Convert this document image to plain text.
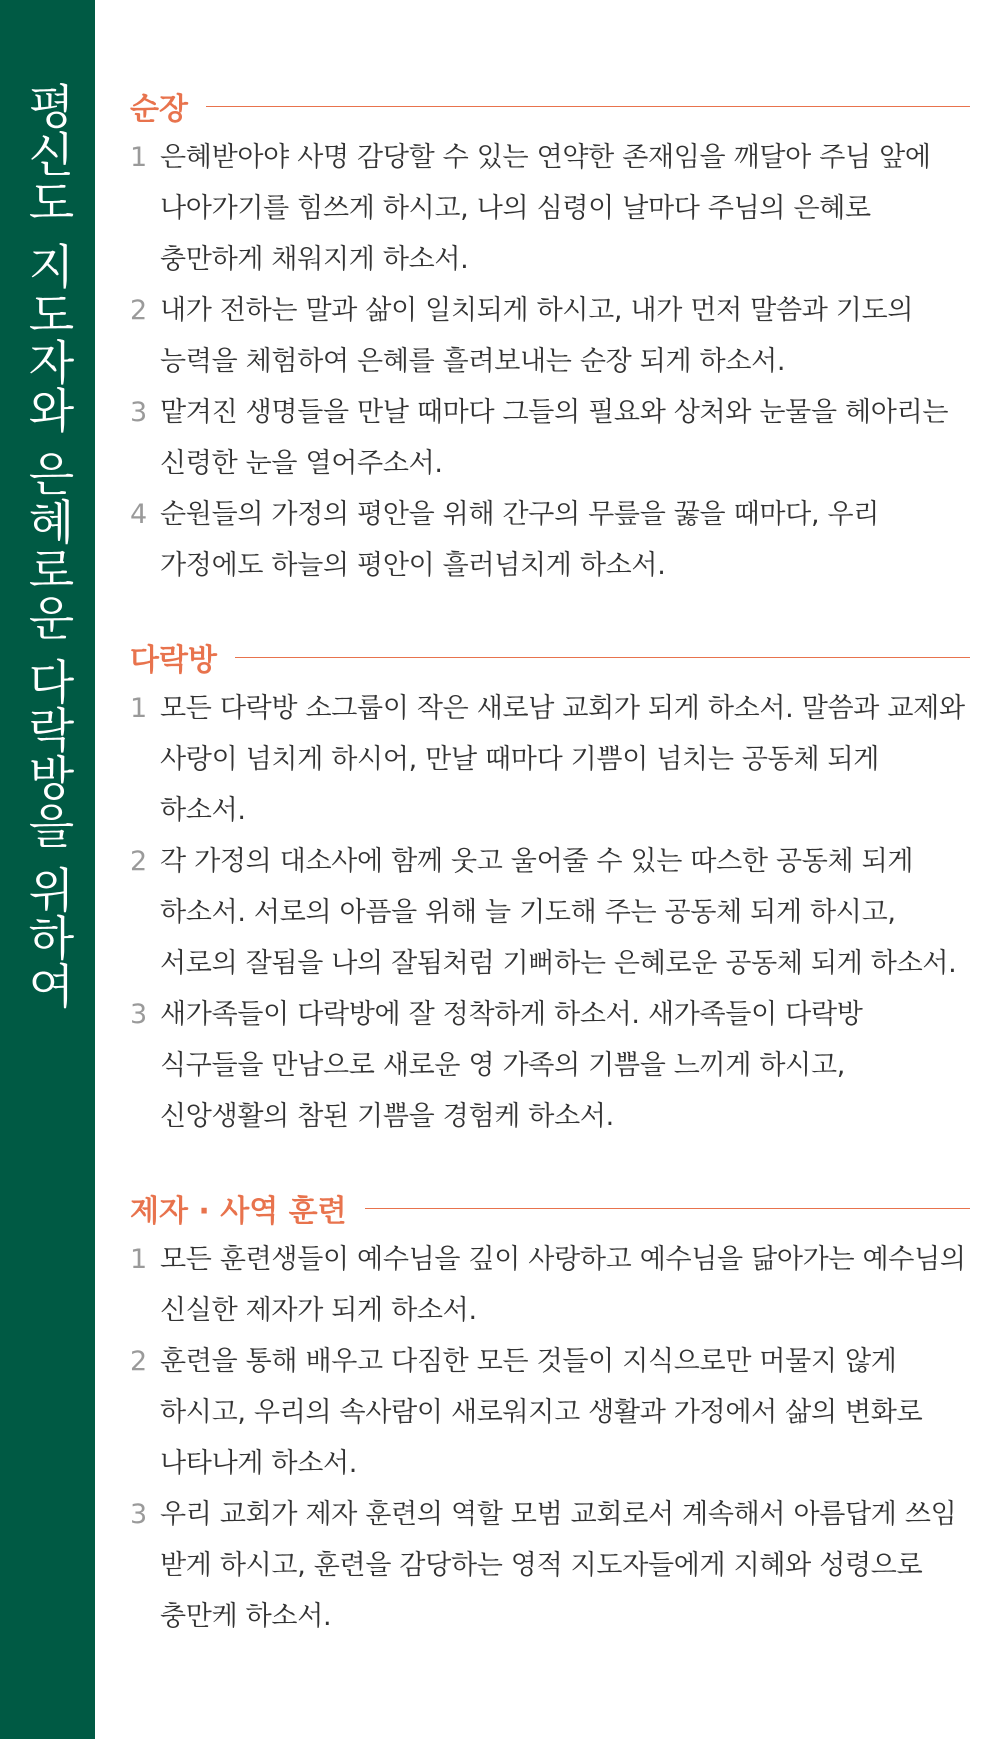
평신도 지도자와 은혜로운 다락방을 위하여 순장
1 은혜받아야 사명 감당할 수 있는 연약한 존재임을 깨달아 주님 앞에 나아가기를 힘쓰게 하시고, 나의 심령이 날마다 주님의 은혜로 충만하게 채워지게 하소서.
2 내가 전하는 말과 삶이 일치되게 하시고, 내가 먼저 말씀과 기도의 능력을 체험하여 은혜를 흘려보내는 순장 되게 하소서.
3 맡겨진 생명들을 만날 때마다 그들의 필요와 상처와 눈물을 헤아리는 신령한 눈을 열어주소서.
4 순원들의 가정의 평안을 위해 간구의 무릎을 꿇을 때마다, 우리 가정에도 하늘의 평안이 흘러넘치게 하소서.
다락방
1 모든 다락방 소그룹이 작은 새로남 교회가 되게 하소서. 말씀과 교제와 사랑이 넘치게 하시어, 만날 때마다 기쁨이 넘치는 공동체 되게 하소서.
2 각 가정의 대소사에 함께 웃고 울어줄 수 있는 따스한 공동체 되게 하소서. 서로의 아픔을 위해 늘 기도해 주는 공동체 되게 하시고, 서로의 잘됨을 나의 잘됨처럼 기뻐하는 은혜로운 공동체 되게 하소서.
3 새가족들이 다락방에 잘 정착하게 하소서. 새가족들이 다락방 식구들을 만남으로 새로운 영 가족의 기쁨을 느끼게 하시고, 신앙생활의 참된 기쁨을 경험케 하소서.
제자 · 사역 훈련
1 모든 훈련생들이 예수님을 깊이 사랑하고 예수님을 닮아가는 예수님의 신실한 제자가 되게 하소서.
2 훈련을 통해 배우고 다짐한 모든 것들이 지식으로만 머물지 않게 하시고, 우리의 속사람이 새로워지고 생활과 가정에서 삶의 변화로 나타나게 하소서.
3 우리 교회가 제자 훈련의 역할 모범 교회로서 계속해서 아름답게 쓰임 받게 하시고, 훈련을 감당하는 영적 지도자들에게 지혜와 성령으로 충만케 하소서.
